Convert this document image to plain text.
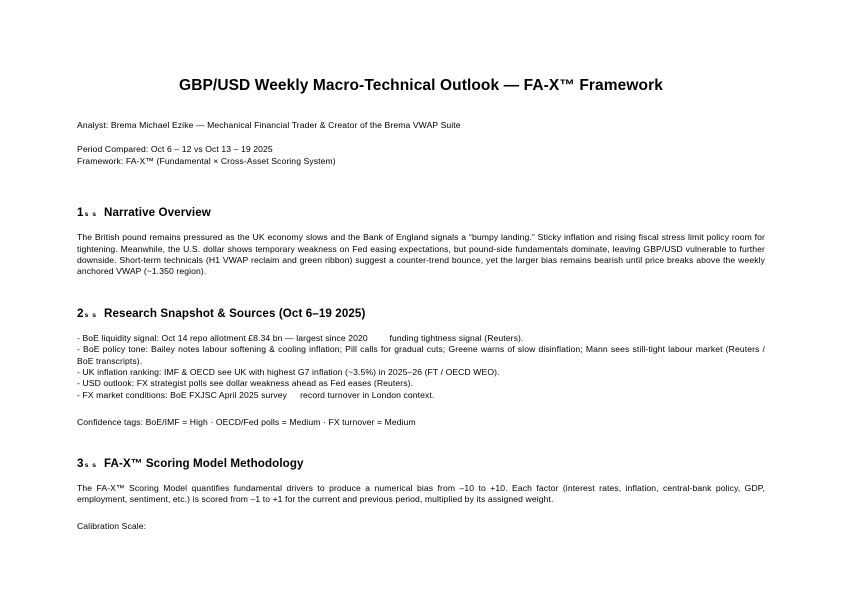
GBP/USD Weekly Macro-Technical Outlook — FA-X™ Framework
Analyst: Brema Michael Ezike — Mechanical Financial Trader & Creator of the Brema VWAP Suite
Period Compared: Oct 6 – 12 vs Oct 13 – 19 2025
Framework: FA-X™ (Fundamental × Cross-Asset Scoring System)
1s s Narrative Overview

The British pound remains pressured as the UK economy slows and the Bank of England signals a “bumpy landing.” Sticky inflation and rising fiscal stress limit policy room for tightening. Meanwhile, the U.S. dollar shows temporary weakness on Fed easing expectations, but pound-side fundamentals dominate, leaving GBP/USD vulnerable to further downside. Short-term technicals (H1 VWAP reclaim and green ribbon) suggest a counter-trend bounce, yet the larger bias remains bearish until price breaks above the weekly anchored VWAP (~1.350 region).

2s s Research Snapshot & Sources (Oct 6–19 2025)
- BoE liquidity signal: Oct 14 repo allotment £8.34 bn — largest since 2020   funding tightness signal (Reuters).
- BoE policy tone: Bailey notes labour softening & cooling inflation; Pill calls for gradual cuts; Greene warns of slow disinflation; Mann sees still-tight labour market (Reuters / BoE transcripts).
- UK inflation ranking: IMF & OECD see UK with highest G7 inflation (~3.5%) in 2025–26 (FT / OECD WEO).
- USD outlook: FX strategist polls see dollar weakness ahead as Fed eases (Reuters).
- FX market conditions: BoE FXJSC April 2025 survey  record turnover in London context.
Confidence tags: BoE/IMF = High · OECD/Fed polls = Medium · FX turnover = Medium
3s s FA-X™ Scoring Model Methodology

The FA-X™ Scoring Model quantifies fundamental drivers to produce a numerical bias from –10 to +10. Each factor (interest rates, inflation, central-bank policy, GDP, employment, sentiment, etc.) is scored from –1 to +1 for the current and previous period, multiplied by its assigned weight.

Calibration Scale:
